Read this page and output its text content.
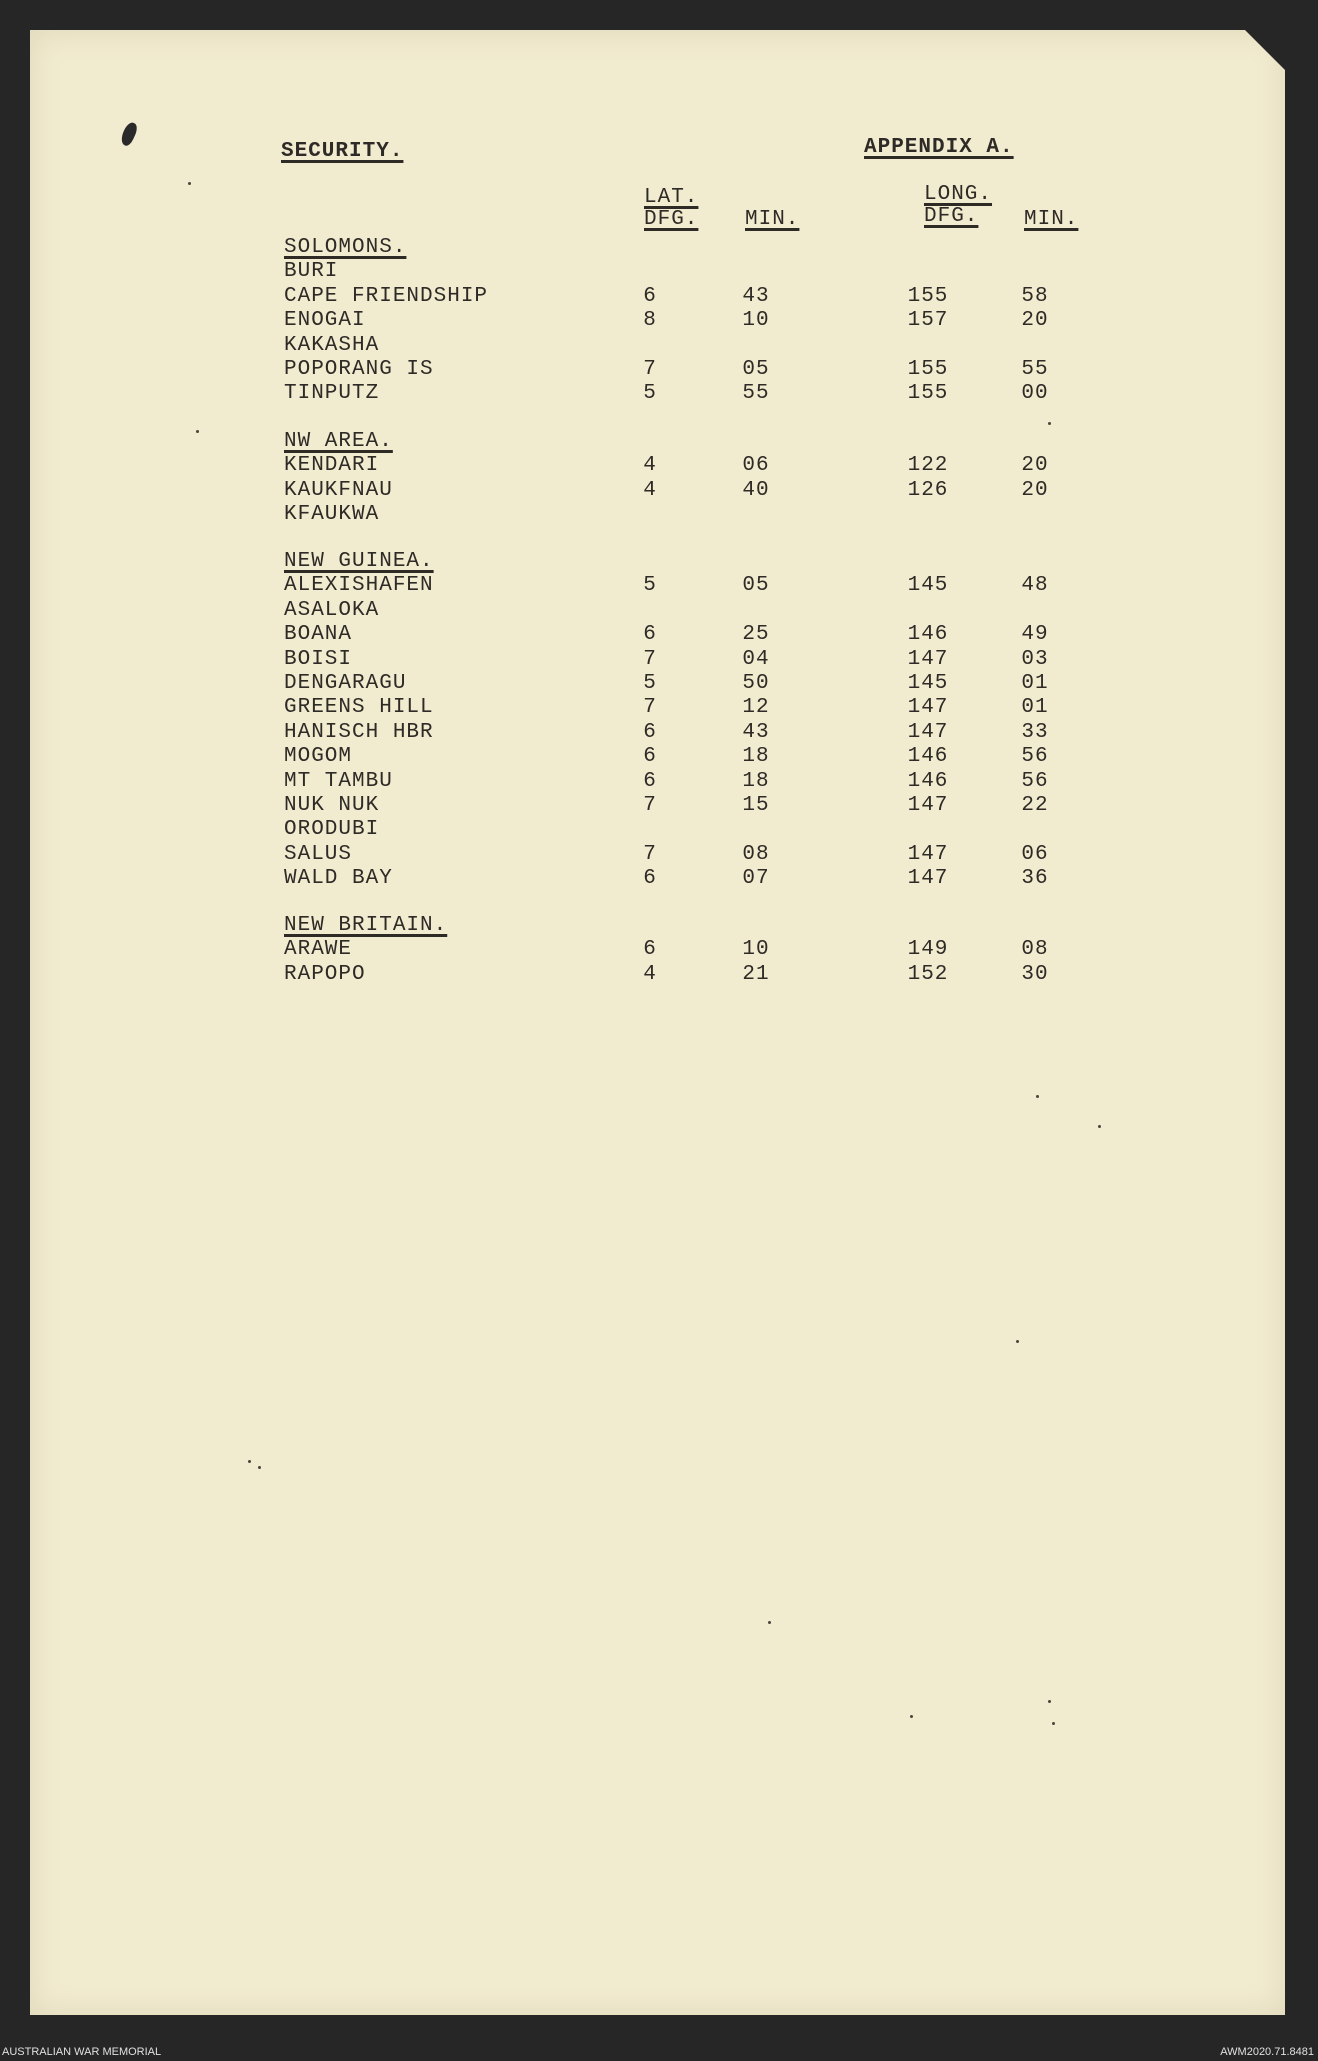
SECURITY.	APPENDIX A.
LAT.
DFG. MIN.
LONG.
DFG. MIN.
SOLOMONS.
BURI
CAPE FRIENDSHIP	6	43	155	58
ENOGAI	8	10	157	20
KAKASHA
POPORANG IS	7	05	155	55
TINPUTZ	5	55	155	00
NW AREA.
KENDARI	4	06	122	20
KAUKFNAU	4	40	126	20
KFAUKWA
NEW GUINEA.
ALEXISHAFEN	5	05	145	48
ASALOKA
BOANA	6	25	146	49
BOISI	7	04	147	03
DENGARAGU	5	50	145	01
GREENS HILL	7	12	147	01
HANISCH HBR	6	43	147	33
MOGOM	6	18	146	56
MT TAMBU	6	18	146	56
NUK NUK	7	15	147	22
ORODUBI
SALUS	7	08	147	06
WALD BAY	6	07	147	36
NEW BRITAIN.
ARAWE	6	10	149	08
RAPOPO	4	21	152	30
AUSTRALIAN WAR MEMORIAL	AWM2020.71.8481
